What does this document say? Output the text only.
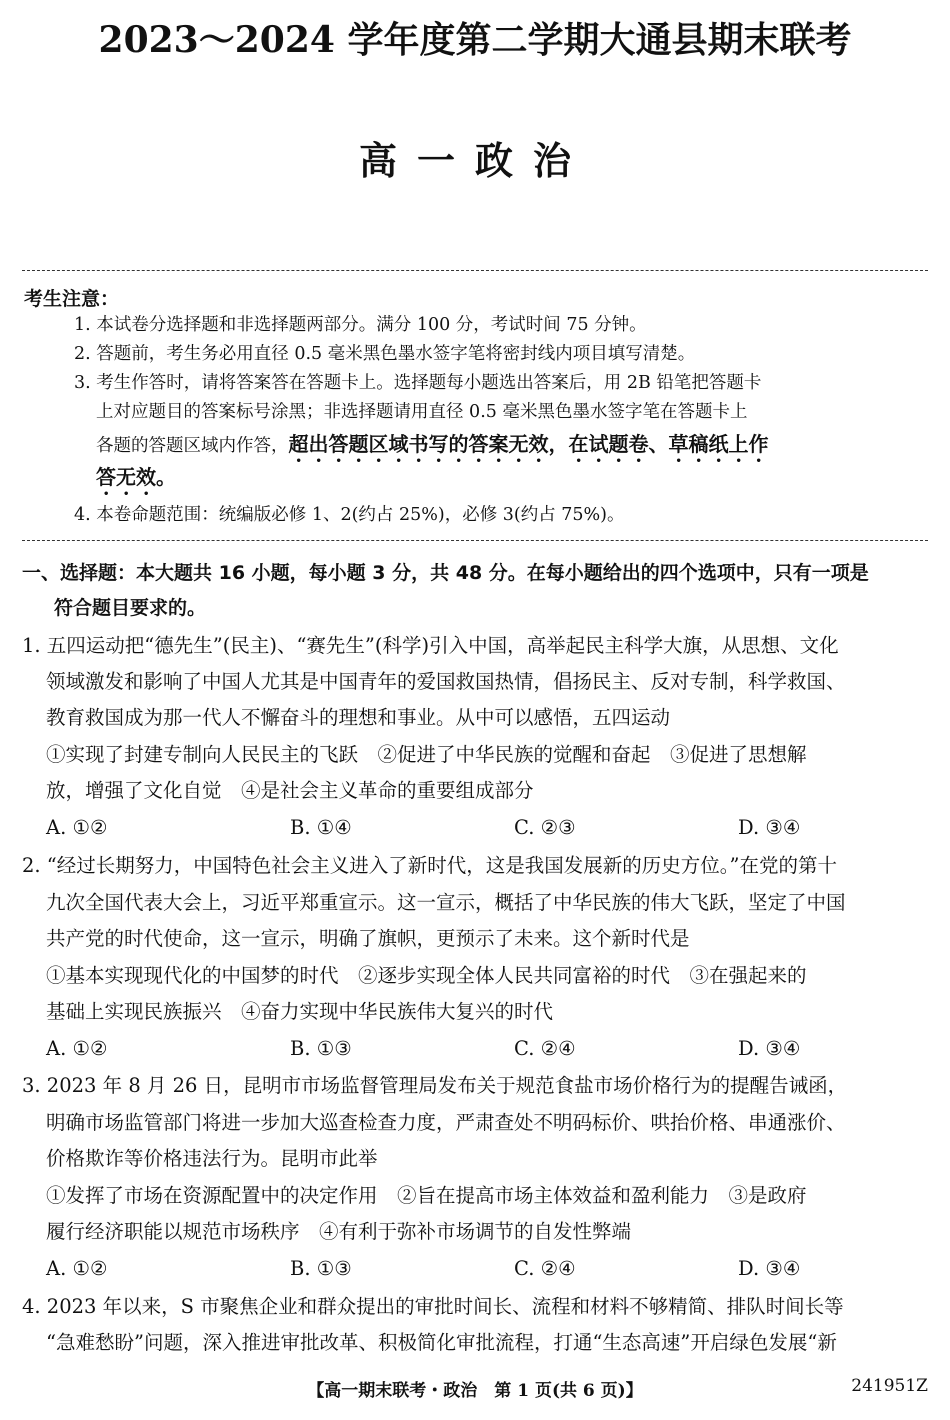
2023～2024 学年度第二学期大通县期末联考
高一政治
考生注意：
1. 本试卷分选择题和非选择题两部分。满分 100 分，考试时间 75 分钟。
2. 答题前，考生务必用直径 0.5 毫米黑色墨水签字笔将密封线内项目填写清楚。
3. 考生作答时，请将答案答在答题卡上。选择题每小题选出答案后，用 2B 铅笔把答题卡
上对应题目的答案标号涂黑；非选择题请用直径 0.5 毫米黑色墨水签字笔在答题卡上
各题的答题区域内作答，超出答题区域书写的答案无效，在试题卷、草稿纸上作
答无效。
4. 本卷命题范围：统编版必修 1、2(约占 25%)，必修 3(约占 75%)。
一、选择题：本大题共 16 小题，每小题 3 分，共 48 分。在每小题给出的四个选项中，只有一项是
符合题目要求的。
1. 五四运动把“德先生”(民主)、“赛先生”(科学)引入中国，高举起民主科学大旗，从思想、文化
领域激发和影响了中国人尤其是中国青年的爱国救国热情，倡扬民主、反对专制，科学救国、
教育救国成为那一代人不懈奋斗的理想和事业。从中可以感悟，五四运动
①实现了封建专制向人民民主的飞跃　②促进了中华民族的觉醒和奋起　③促进了思想解
放，增强了文化自觉　④是社会主义革命的重要组成部分
A. ①②	B. ①④	C. ②③	D. ③④
2. “经过长期努力，中国特色社会主义进入了新时代，这是我国发展新的历史方位。”在党的第十
九次全国代表大会上，习近平郑重宣示。这一宣示，概括了中华民族的伟大飞跃，坚定了中国
共产党的时代使命，这一宣示，明确了旗帜，更预示了未来。这个新时代是
①基本实现现代化的中国梦的时代　②逐步实现全体人民共同富裕的时代　③在强起来的
基础上实现民族振兴　④奋力实现中华民族伟大复兴的时代
A. ①②	B. ①③	C. ②④	D. ③④
3. 2023 年 8 月 26 日，昆明市市场监督管理局发布关于规范食盐市场价格行为的提醒告诫函，
明确市场监管部门将进一步加大巡查检查力度，严肃查处不明码标价、哄抬价格、串通涨价、
价格欺诈等价格违法行为。昆明市此举
①发挥了市场在资源配置中的决定作用　②旨在提高市场主体效益和盈利能力　③是政府
履行经济职能以规范市场秩序　④有利于弥补市场调节的自发性弊端
A. ①②	B. ①③	C. ②④	D. ③④
4. 2023 年以来，S 市聚焦企业和群众提出的审批时间长、流程和材料不够精简、排队时间长等
“急难愁盼”问题，深入推进审批改革、积极简化审批流程，打通“生态高速”开启绿色发展“新
【高一期末联考・政治　第 1 页(共 6 页)】	241951Z
